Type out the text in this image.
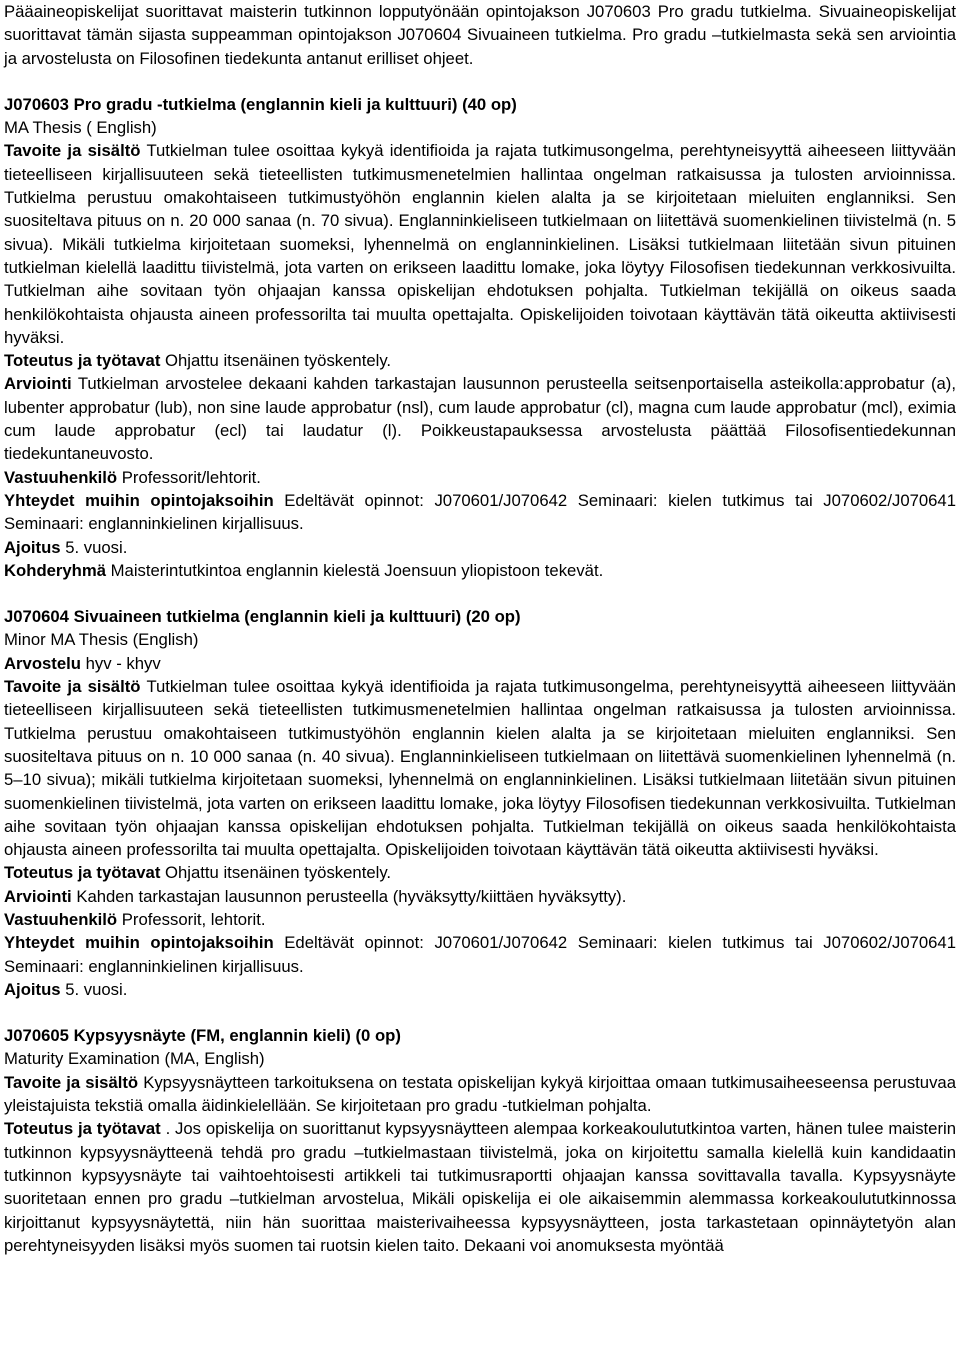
Pääaineopiskelijat suorittavat maisterin tutkinnon lopputyönään opintojakson J070603 Pro gradu tutkielma. Sivuaineopiskelijat suorittavat tämän sijasta suppeamman opintojakson J070604 Sivuaineen tutkielma. Pro gradu –tutkielmasta sekä sen arviointia ja arvostelusta on Filosofinen tiedekunta antanut erilliset ohjeet.

J070603 Pro gradu -tutkielma (englannin kieli ja kulttuuri) (40 op)

MA Thesis ( English)

Tavoite ja sisältö Tutkielman tulee osoittaa kykyä identifioida ja rajata tutkimusongelma, perehtyneisyyttä aiheeseen liittyvään tieteelliseen kirjallisuuteen sekä tieteellisten tutkimusmenetelmien hallintaa ongelman ratkaisussa ja tulosten arvioinnissa. Tutkielma perustuu omakohtaiseen tutkimustyöhön englannin kielen alalta ja se kirjoitetaan mieluiten englanniksi. Sen suositeltava pituus on n. 20 000 sanaa (n. 70 sivua). Englanninkieliseen tutkielmaan on liitettävä suomenkielinen tiivistelmä (n. 5 sivua). Mikäli tutkielma kirjoitetaan suomeksi, lyhennelmä on englanninkielinen. Lisäksi tutkielmaan liitetään sivun pituinen tutkielman kielellä laadittu tiivistelmä, jota varten on erikseen laadittu lomake, joka löytyy Filosofisen tiedekunnan verkkosivuilta. Tutkielman aihe sovitaan työn ohjaajan kanssa opiskelijan ehdotuksen pohjalta. Tutkielman tekijällä on oikeus saada henkilökohtaista ohjausta aineen professorilta tai muulta opettajalta. Opiskelijoiden toivotaan käyttävän tätä oikeutta aktiivisesti hyväksi.

Toteutus ja työtavat Ohjattu itsenäinen työskentely.

Arviointi Tutkielman arvostelee dekaani kahden tarkastajan lausunnon perusteella seitsenportaisella asteikolla:approbatur (a), lubenter approbatur (lub), non sine laude approbatur (nsl), cum laude approbatur (cl), magna cum laude approbatur (mcl), eximia cum laude approbatur (ecl) tai laudatur (l). Poikkeustapauksessa arvostelusta päättää Filosofisentiedekunnan tiedekuntaneuvosto.

Vastuuhenkilö Professorit/lehtorit.

Yhteydet muihin opintojaksoihin Edeltävät opinnot: J070601/J070642 Seminaari: kielen tutkimus tai J070602/J070641 Seminaari: englanninkielinen kirjallisuus.

Ajoitus 5. vuosi.

Kohderyhmä Maisterintutkintoa englannin kielestä Joensuun yliopistoon tekevät.

J070604 Sivuaineen tutkielma (englannin kieli ja kulttuuri) (20 op)

Minor MA Thesis (English)

Arvostelu hyv - khyv

Tavoite ja sisältö Tutkielman tulee osoittaa kykyä identifioida ja rajata tutkimusongelma, perehtyneisyyttä aiheeseen liittyvään tieteelliseen kirjallisuuteen sekä tieteellisten tutkimusmenetelmien hallintaa ongelman ratkaisussa ja tulosten arvioinnissa. Tutkielma perustuu omakohtaiseen tutkimustyöhön englannin kielen alalta ja se kirjoitetaan mieluiten englanniksi. Sen suositeltava pituus on n. 10 000 sanaa (n. 40 sivua). Englanninkieliseen tutkielmaan on liitettävä suomenkielinen lyhennelmä (n. 5–10 sivua); mikäli tutkielma kirjoitetaan suomeksi, lyhennelmä on englanninkielinen. Lisäksi tutkielmaan liitetään sivun pituinen suomenkielinen tiivistelmä, jota varten on erikseen laadittu lomake, joka löytyy Filosofisen tiedekunnan verkkosivuilta. Tutkielman aihe sovitaan työn ohjaajan kanssa opiskelijan ehdotuksen pohjalta. Tutkielman tekijällä on oikeus saada henkilökohtaista ohjausta aineen professorilta tai muulta opettajalta. Opiskelijoiden toivotaan käyttävän tätä oikeutta aktiivisesti hyväksi.

Toteutus ja työtavat Ohjattu itsenäinen työskentely.

Arviointi Kahden tarkastajan lausunnon perusteella (hyväksytty/kiittäen hyväksytty).

Vastuuhenkilö Professorit, lehtorit.

Yhteydet muihin opintojaksoihin Edeltävät opinnot: J070601/J070642 Seminaari: kielen tutkimus tai J070602/J070641 Seminaari: englanninkielinen kirjallisuus.

Ajoitus 5. vuosi.

J070605 Kypsyysnäyte (FM, englannin kieli) (0 op)

Maturity Examination (MA, English)

Tavoite ja sisältö Kypsyysnäytteen tarkoituksena on testata opiskelijan kykyä kirjoittaa omaan tutkimusaiheeseensa perustuvaa yleistajuista tekstiä omalla äidinkielellään. Se kirjoitetaan pro gradu -tutkielman pohjalta.

Toteutus ja työtavat . Jos opiskelija on suorittanut kypsyysnäytteen alempaa korkeakoulututkintoa varten, hänen tulee maisterin tutkinnon kypsyysnäytteenä tehdä pro gradu –tutkielmastaan tiivistelmä, joka on kirjoitettu samalla kielellä kuin kandidaatin tutkinnon kypsyysnäyte tai vaihtoehtoisesti artikkeli tai tutkimusraportti ohjaajan kanssa sovittavalla tavalla. Kypsyysnäyte suoritetaan ennen pro gradu –tutkielman arvostelua, Mikäli opiskelija ei ole aikaisemmin alemmassa korkeakoulututkinnossa kirjoittanut kypsyysnäytettä, niin hän suorittaa maisterivaiheessa kypsyysnäytteen, josta tarkastetaan opinnäytetyön alan perehtyneisyyden lisäksi myös suomen tai ruotsin kielen taito. Dekaani voi anomuksesta myöntää
